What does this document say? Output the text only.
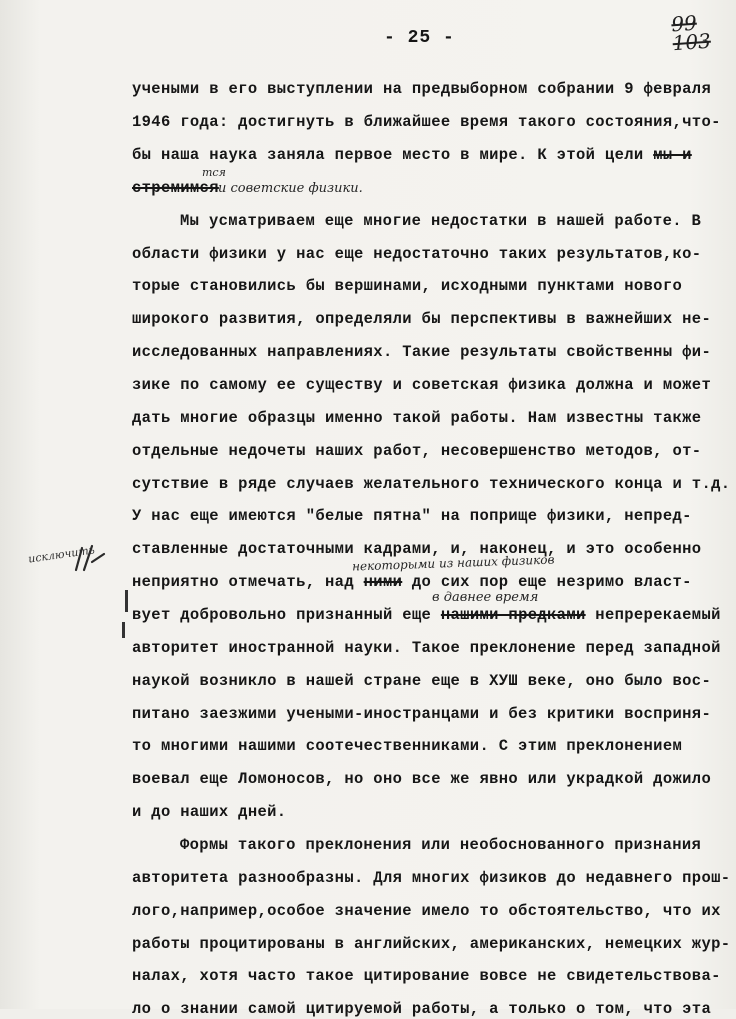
- 25 -
99
103
учеными в его выступлении на предвыборном собрании 9 февраля
1946 года: достигнуть в ближайшее время такого состояния,что-
бы наша наука заняла первое место в мире. К этой цели мы и
стремимся
тся
и советские физики.
Мы усматриваем еще многие недостатки в нашей работе. В
области физики у нас еще недостаточно таких результатов,ко-
торые становились бы вершинами, исходными пунктами нового
широкого развития, определяли бы перспективы в важнейших не-
исследованных направлениях. Такие результаты свойственны фи-
зике по самому ее существу и советская физика должна и может
дать многие образцы именно такой работы. Нам известны также
отдельные недочеты наших работ, несовершенство методов, от-
сутствие в ряде случаев желательного технического конца и т.д.
У нас еще имеются "белые пятна" на поприще физики, непред-
ставленные достаточными кадрами, и, наконец, и это особенно
неприятно отмечать, над ними до сих пор еще незримо власт-
некоторыми из наших физиков
вует добровольно признанный еще нашими предками непререкаемый
в давнее время
авторитет иностранной науки. Такое преклонение перед западной
наукой возникло в нашей стране еще в ХУШ веке, оно было вос-
питано заезжими учеными-иностранцами и без критики восприня-
то многими нашими соотечественниками. С этим преклонением
воевал еще Ломоносов, но оно все же явно или украдкой дожило
и до наших дней.
Формы такого преклонения или необоснованного признания
авторитета разнообразны. Для многих физиков до недавнего прош-
лого,например,особое значение имело то обстоятельство, что их
работы процитированы в английских, американских, немецких жур-
налах, хотя часто такое цитирование вовсе не свидетельствова-
ло о знании самой цитируемой работы, а только о том, что эта
исключить
